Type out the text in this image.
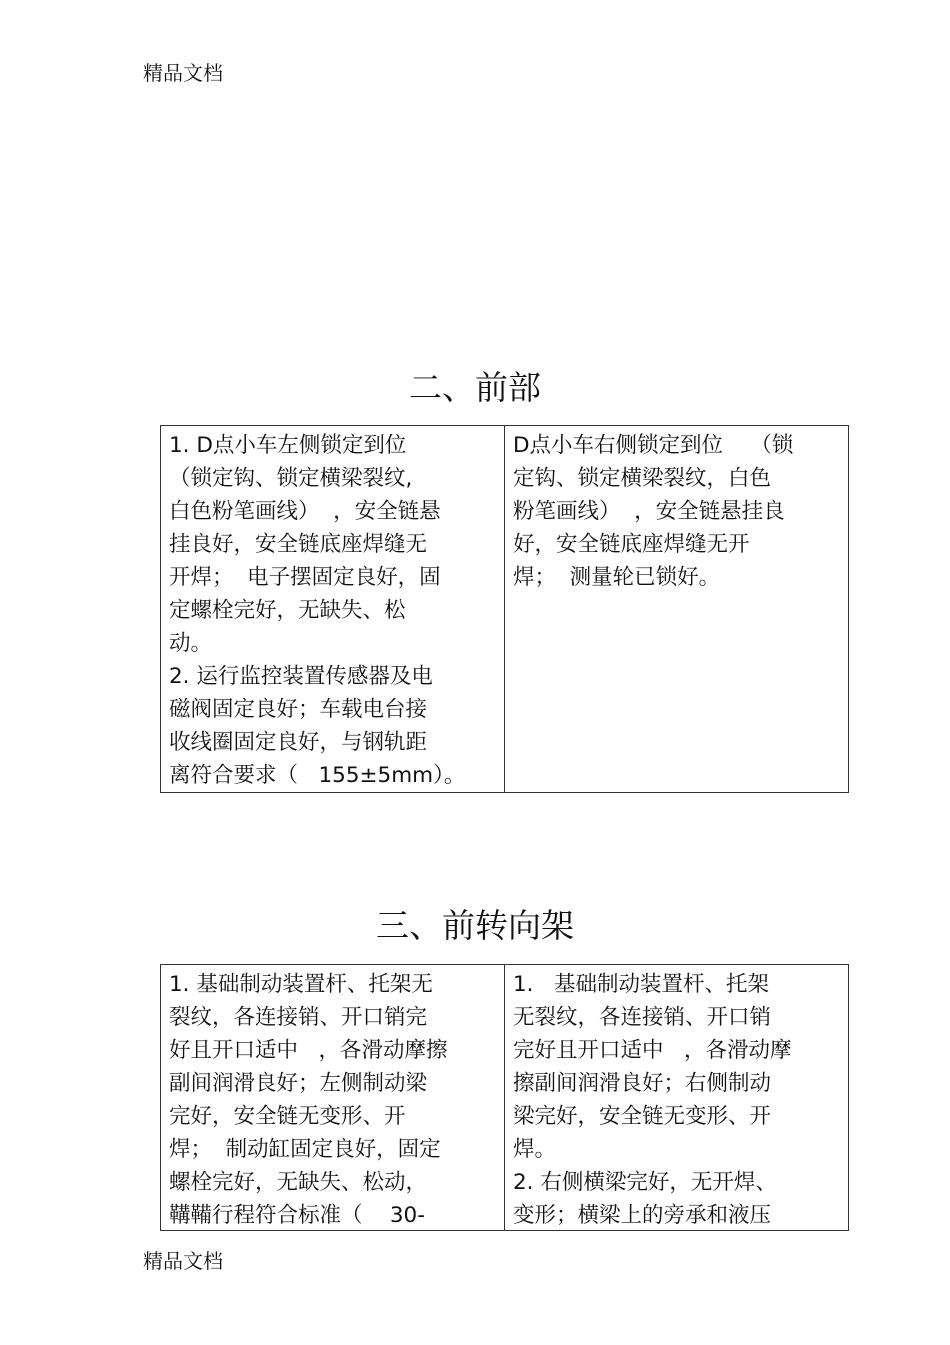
精品文档
二、前部
1. D点小车左侧锁定到位
（锁定钩、锁定横梁裂纹,
白色粉笔画线）  ，安全链悬
挂良好，安全链底座焊缝无
开焊；  电子摆固定良好，固
定螺栓完好，无缺失、松
动。
2. 运行监控装置传感器及电
磁阀固定良好；车载电台接
收线圈固定良好，与钢轨距
离符合要求（   155±5mm）。

D点小车右侧锁定到位    （锁
定钩、锁定横梁裂纹，白色
粉笔画线）  ，安全链悬挂良
好，安全链底座焊缝无开
焊；  测量轮已锁好。
三、前转向架
1. 基础制动装置杆、托架无
裂纹，各连接销、开口销完
好且开口适中   ，各滑动摩擦
副间润滑良好；左侧制动梁
完好，安全链无变形、开
焊；  制动缸固定良好，固定
螺栓完好，无缺失、松动，
鞲鞴行程符合标准（    30-

1.   基础制动装置杆、托架
无裂纹，各连接销、开口销
完好且开口适中   ，各滑动摩
擦副间润滑良好；右侧制动
梁完好，安全链无变形、开
焊。
2. 右侧横梁完好，无开焊、
变形；横梁上的旁承和液压
精品文档
